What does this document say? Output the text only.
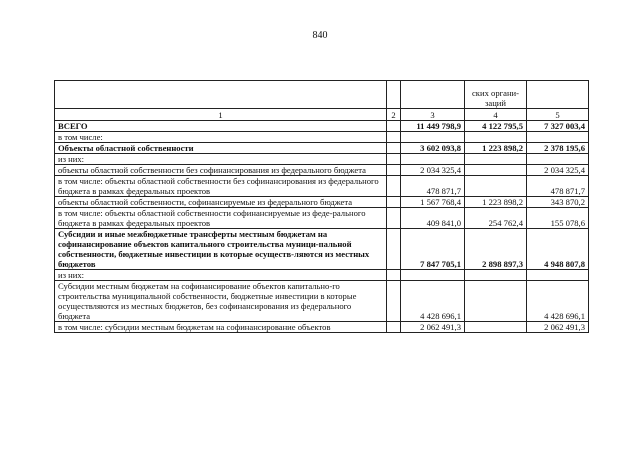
840

			ских органи-
заций	

1	2	3	4	5
ВСЕГО		11 449 798,9	4 122 795,5	7 327 003,4
в том числе:				
Объекты областной собственности		3 602 093,8	1 223 898,2	2 378 195,6
из них:				
объекты областной собственности без софинансирования из федерального бюджета		2 034 325,4		2 034 325,4
в том числе: объекты областной собственности без софинансирования из федерального бюджета в рамках федеральных проектов		478 871,7		478 871,7
объекты областной собственности, софинансируемые из федерального бюджета		1 567 768,4	1 223 898,2	343 870,2
в том числе: объекты областной собственности софинансируемые из феде-рального бюджета в рамках федеральных проектов		409 841,0	254 762,4	155 078,6
Субсидии и иные межбюджетные трансферты местным бюджетам на софинансирование объектов капитального строительства муници-пальной собственности, бюджетные инвестиции в которые осуществ-ляются из местных бюджетов		7 847 705,1	2 898 897,3	4 948 807,8
из них:				
Субсидии местным бюджетам на софинансирование объектов капитально-го строительства муниципальной собственности, бюджетные инвестиции в которые осуществляются из местных бюджетов, без софинансирования из федерального бюджета		4 428 696,1		4 428 696,1
в том числе: субсидии местным бюджетам на софинансирование объектов		2 062 491,3		2 062 491,3
